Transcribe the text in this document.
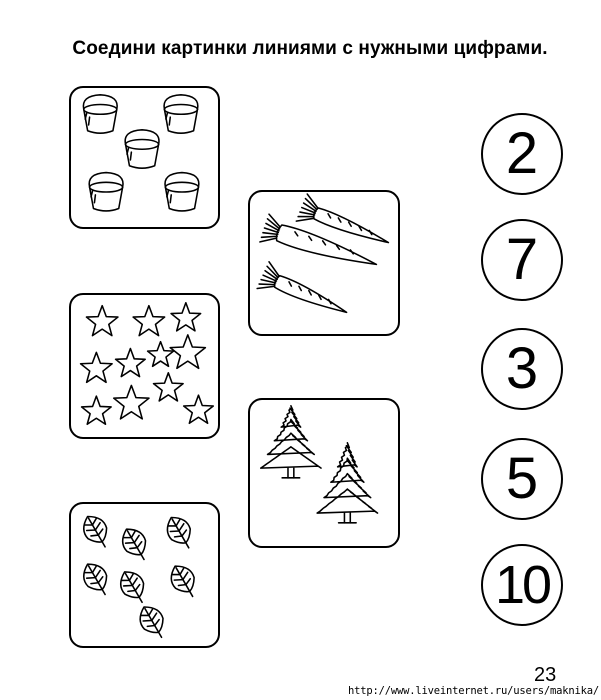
Соедини картинки линиями с нужными цифрами.
2
7
3
5
10
23
http://www.liveinternet.ru/users/maknika/
